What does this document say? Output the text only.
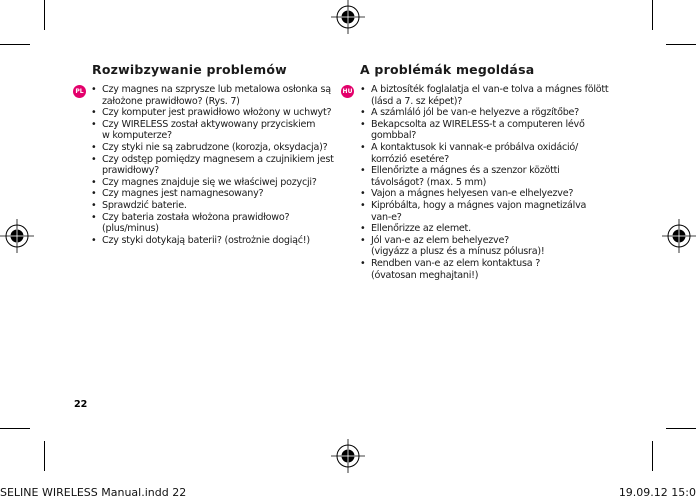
Rozwibzywanie problemów
PL	• Czy magnes na szprysze lub metalowa osłonka są
założone prawidłowo? (Rys. 7)
• Czy komputer jest prawidłowo włożony w uchwyt?
• Czy WIRELESS został aktywowany przyciskiem
w komputerze?
• Czy styki nie są zabrudzone (korozja, oksydacja)?
• Czy odstęp pomiędzy magnesem a czujnikiem jest
prawidłowy?
• Czy magnes znajduje się we właściwej pozycji?
• Czy magnes jest namagnesowany?
• Sprawdzić baterie.
• Czy bateria została włożona prawidłowo?
(plus/minus)
• Czy styki dotykają baterii? (ostrożnie dogiąć!)
A problémák megoldása
HU	• A biztosíték foglalatja el van-e tolva a mágnes fölött
(lásd a 7. sz képet)?
• A számláló jól be van-e helyezve a rögzítőbe?
• Bekapcsolta az WIRELESS-t a computeren lévő
gombbal?
• A kontaktusok ki vannak-e próbálva oxidáció/
korrózió esetére?
• Ellenőrizte a mágnes és a szenzor közötti
távolságot? (max. 5 mm)
• Vajon a mágnes helyesen van-e elhelyezve?
• Kipróbálta, hogy a mágnes vajon magnetizálva
van-e?
• Ellenőrizze az elemet.
• Jól van-e az elem behelyezve?
(vigyázz a plusz és a mínusz pólusra)!
• Rendben van-e az elem kontaktusa ?
(óvatosan meghajtani!)
22
SELINE WIRELESS Manual.indd 22	19.09.12 15:0
